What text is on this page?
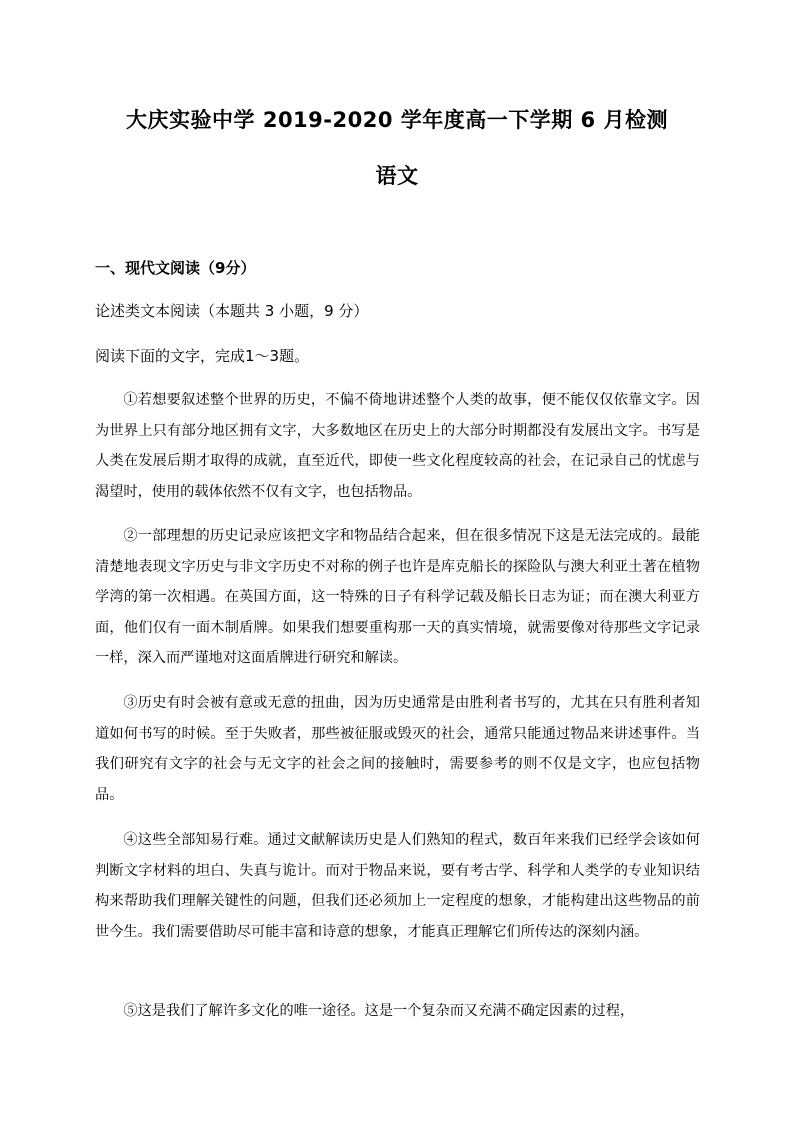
大庆实验中学 2019-2020 学年度高一下学期 6 月检测
语文
一、现代文阅读（9分）
论述类文本阅读（本题共 3 小题，9 分）
阅读下面的文字，完成1～3题。

①若想要叙述整个世界的历史，不偏不倚地讲述整个人类的故事，便不能仅仅依靠文字。因为世界上只有部分地区拥有文字，大多数地区在历史上的大部分时期都没有发展出文字。书写是人类在发展后期才取得的成就，直至近代，即使一些文化程度较高的社会，在记录自己的忧虑与渴望时，使用的载体依然不仅有文字，也包括物品。

②一部理想的历史记录应该把文字和物品结合起来，但在很多情况下这是无法完成的。最能清楚地表现文字历史与非文字历史不对称的例子也许是库克船长的探险队与澳大利亚土著在植物学湾的第一次相遇。在英国方面，这一特殊的日子有科学记载及船长日志为证；而在澳大利亚方面，他们仅有一面木制盾牌。如果我们想要重构那一天的真实情境，就需要像对待那些文字记录一样，深入而严谨地对这面盾牌进行研究和解读。

③历史有时会被有意或无意的扭曲，因为历史通常是由胜利者书写的，尤其在只有胜利者知道如何书写的时候。至于失败者，那些被征服或毁灭的社会，通常只能通过物品来讲述事件。当我们研究有文字的社会与无文字的社会之间的接触时，需要参考的则不仅是文字，也应包括物品。

④这些全部知易行难。通过文献解读历史是人们熟知的程式，数百年来我们已经学会该如何判断文字材料的坦白、失真与诡计。而对于物品来说，要有考古学、科学和人类学的专业知识结构来帮助我们理解关键性的问题，但我们还必须加上一定程度的想象，才能构建出这些物品的前世今生。我们需要借助尽可能丰富和诗意的想象，才能真正理解它们所传达的深刻内涵。

⑤这是我们了解许多文化的唯一途径。这是一个复杂而又充满不确定因素的过程，
